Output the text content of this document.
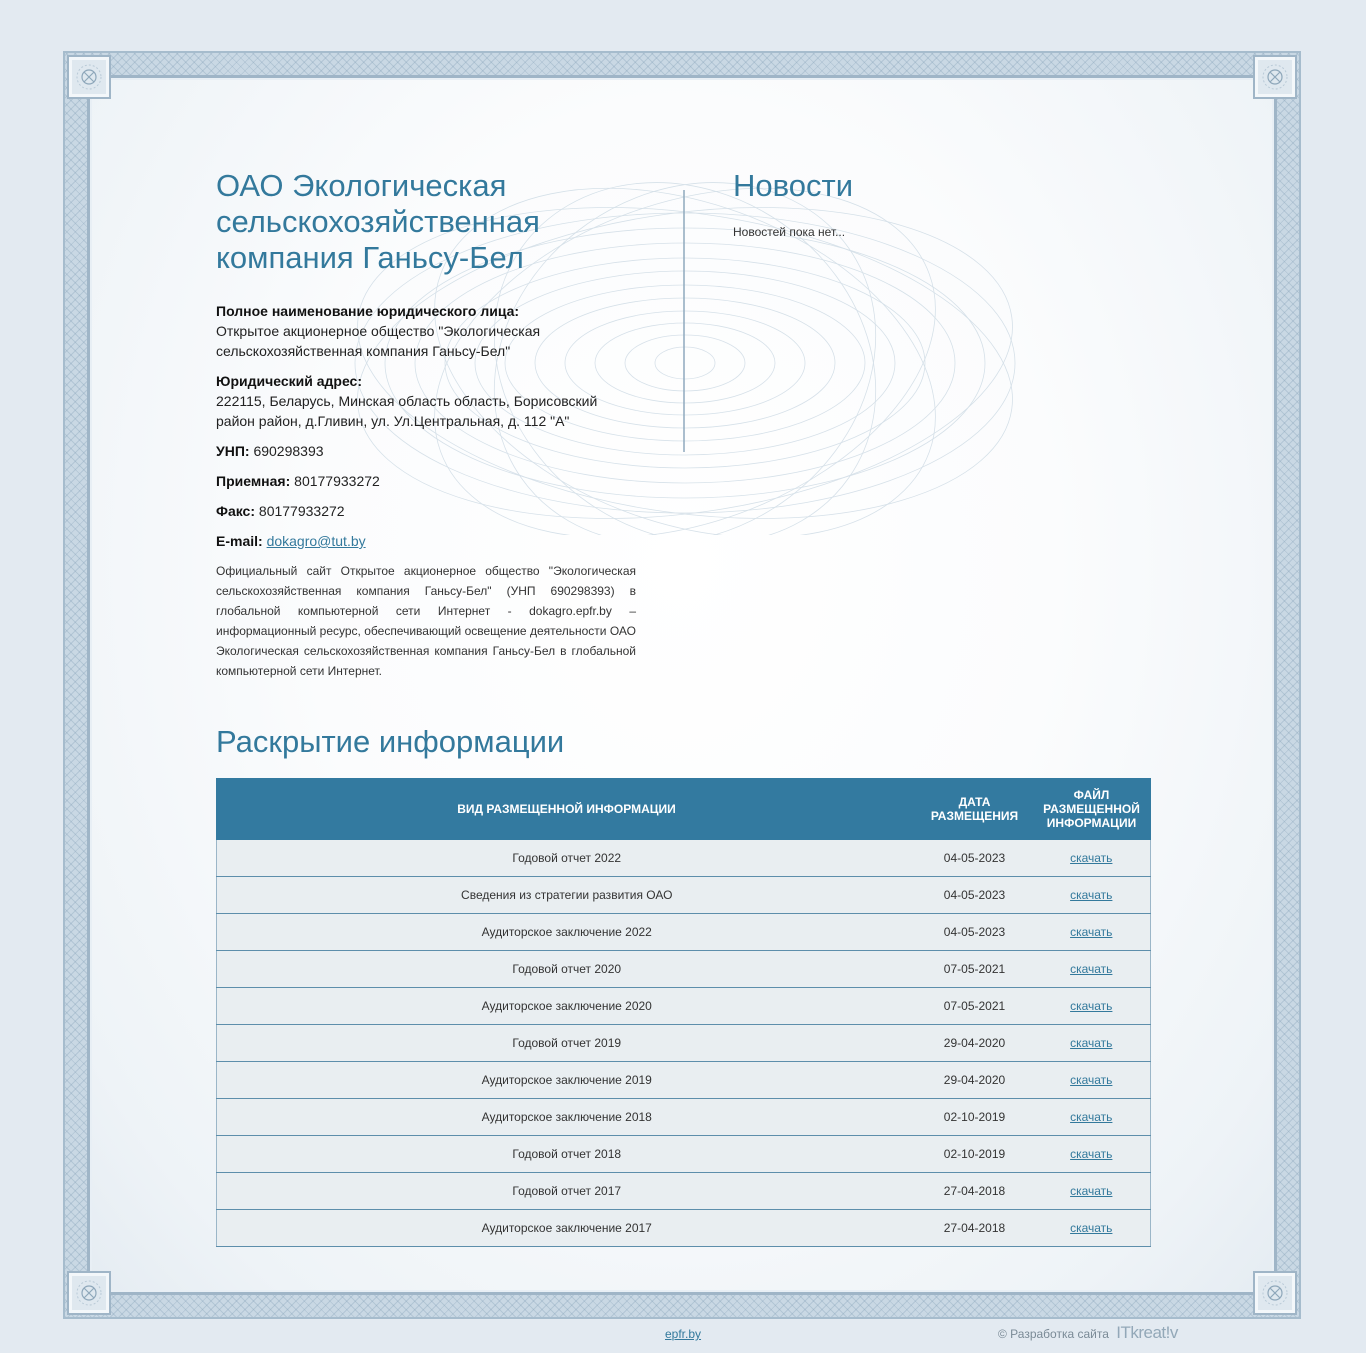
ОАО Экологическая сельскохозяйственная компания Ганьсу-Бел
Полное наименование юридического лица:
Открытое акционерное общество "Экологическая сельскохозяйственная компания Ганьсу-Бел"
Юридический адрес:
222115, Беларусь, Минская область область, Борисовский район район, д.Гливин, ул. Ул.Центральная, д. 112 "А"
УНП: 690298393
Приемная: 80177933272
Факс: 80177933272
E-mail: dokagro@tut.by
Официальный сайт Открытое акционерное общество "Экологическая сельскохозяйственная компания Ганьсу-Бел" (УНП 690298393) в глобальной компьютерной сети Интернет - dokagro.epfr.by – информационный ресурс, обеспечивающий освещение деятельности ОАО Экологическая сельскохозяйственная компания Ганьсу-Бел в глобальной компьютерной сети Интернет.
Новости
Новостей пока нет...
Раскрытие информации
ВИД РАЗМЕЩЕННОЙ ИНФОРМАЦИИ	ДАТА РАЗМЕЩЕНИЯ	ФАЙЛ РАЗМЕЩЕННОЙ ИНФОРМАЦИИ
Годовой отчет 2022	04-05-2023	скачать
Сведения из стратегии развития ОАО	04-05-2023	скачать
Аудиторское заключение 2022	04-05-2023	скачать
Годовой отчет 2020	07-05-2021	скачать
Аудиторское заключение 2020	07-05-2021	скачать
Годовой отчет 2019	29-04-2020	скачать
Аудиторское заключение 2019	29-04-2020	скачать
Аудиторское заключение 2018	02-10-2019	скачать
Годовой отчет 2018	02-10-2019	скачать
Годовой отчет 2017	27-04-2018	скачать
Аудиторское заключение 2017	27-04-2018	скачать
epfr.by	© Разработка сайта ITkreat!v
